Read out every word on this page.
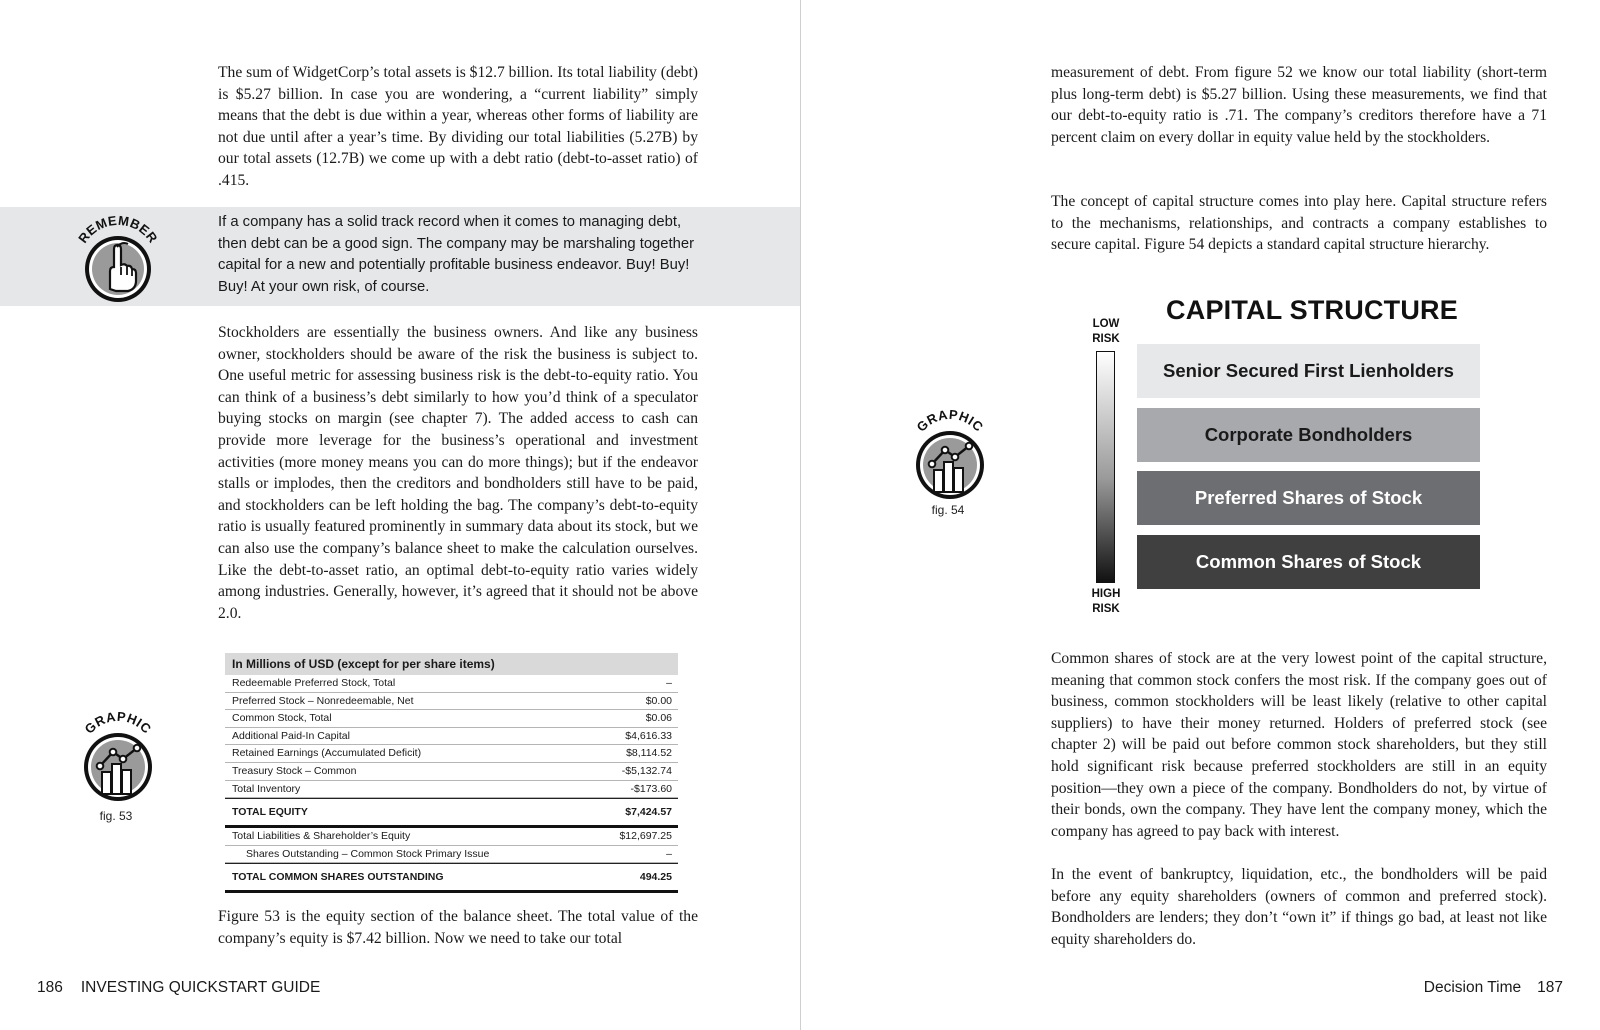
The sum of WidgetCorp’s total assets is $12.7 billion. Its total liability (debt) is $5.27 billion. In case you are wondering, a “current liability” simply means that the debt is due within a year, whereas other forms of liability are not due until after a year’s time. By dividing our total liabilities (5.27B) by our total assets (12.7B) we come up with a debt ratio (debt-to-asset ratio) of .415.

REMEMBER

If a company has a solid track record when it comes to managing debt, then debt can be a good sign. The company may be marshaling together capital for a new and potentially profitable business endeavor. Buy! Buy! Buy! At your own risk, of course.

Stockholders are essentially the business owners. And like any business owner, stockholders should be aware of the risk the business is subject to. One useful metric for assessing business risk is the debt-to-equity ratio. You can think of a business’s debt similarly to how you’d think of a speculator buying stocks on margin (see chapter 7). The added access to cash can provide more leverage for the business’s operational and investment activities (more money means you can do more things); but if the endeavor stalls or implodes, then the creditors and bondholders still have to be paid, and stockholders can be left holding the bag. The company’s debt-to-equity ratio is usually featured prominently in summary data about its stock, but we can also use the company’s balance sheet to make the calculation ourselves. Like the debt-to-asset ratio, an optimal debt-to-equity ratio varies widely among industries. Generally, however, it’s agreed that it should not be above 2.0.

GRAPHIC
fig. 53
In Millions of USD (except for per share items)
Redeemable Preferred Stock, Total	–
Preferred Stock – Nonredeemable, Net	$0.00
Common Stock, Total	$0.06
Additional Paid-In Capital	$4,616.33
Retained Earnings (Accumulated Deficit)	$8,114.52
Treasury Stock – Common	-$5,132.74
Total Inventory	-$173.60
TOTAL EQUITY	$7,424.57
Total Liabilities & Shareholder’s Equity	$12,697.25
Shares Outstanding – Common Stock Primary Issue	–
TOTAL COMMON SHARES OUTSTANDING	494.25

Figure 53 is the equity section of the balance sheet. The total value of the company’s equity is $7.42 billion. Now we need to take our total

186 INVESTING QUICKSTART GUIDE

measurement of debt. From figure 52 we know our total liability (short-term plus long-term debt) is $5.27 billion. Using these measurements, we find that our debt-to-equity ratio is .71. The company’s creditors therefore have a 71 percent claim on every dollar in equity value held by the stockholders.

The concept of capital structure comes into play here. Capital structure refers to the mechanisms, relationships, and contracts a company establishes to secure capital. Figure 54 depicts a standard capital structure hierarchy.

GRAPHIC
fig. 54
CAPITAL STRUCTURE
LOW RISK
HIGH RISK
Senior Secured First Lienholders
Corporate Bondholders
Preferred Shares of Stock
Common Shares of Stock

Common shares of stock are at the very lowest point of the capital structure, meaning that common stock confers the most risk. If the company goes out of business, common stockholders will be least likely (relative to other capital suppliers) to have their money returned. Holders of preferred stock (see chapter 2) will be paid out before common stock shareholders, but they still hold significant risk because preferred stockholders are still in an equity position—they own a piece of the company. Bondholders do not, by virtue of their bonds, own the company. They have lent the company money, which the company has agreed to pay back with interest.

In the event of bankruptcy, liquidation, etc., the bondholders will be paid before any equity shareholders (owners of common and preferred stock). Bondholders are lenders; they don’t “own it” if things go bad, at least not like equity shareholders do.

Decision Time 187
